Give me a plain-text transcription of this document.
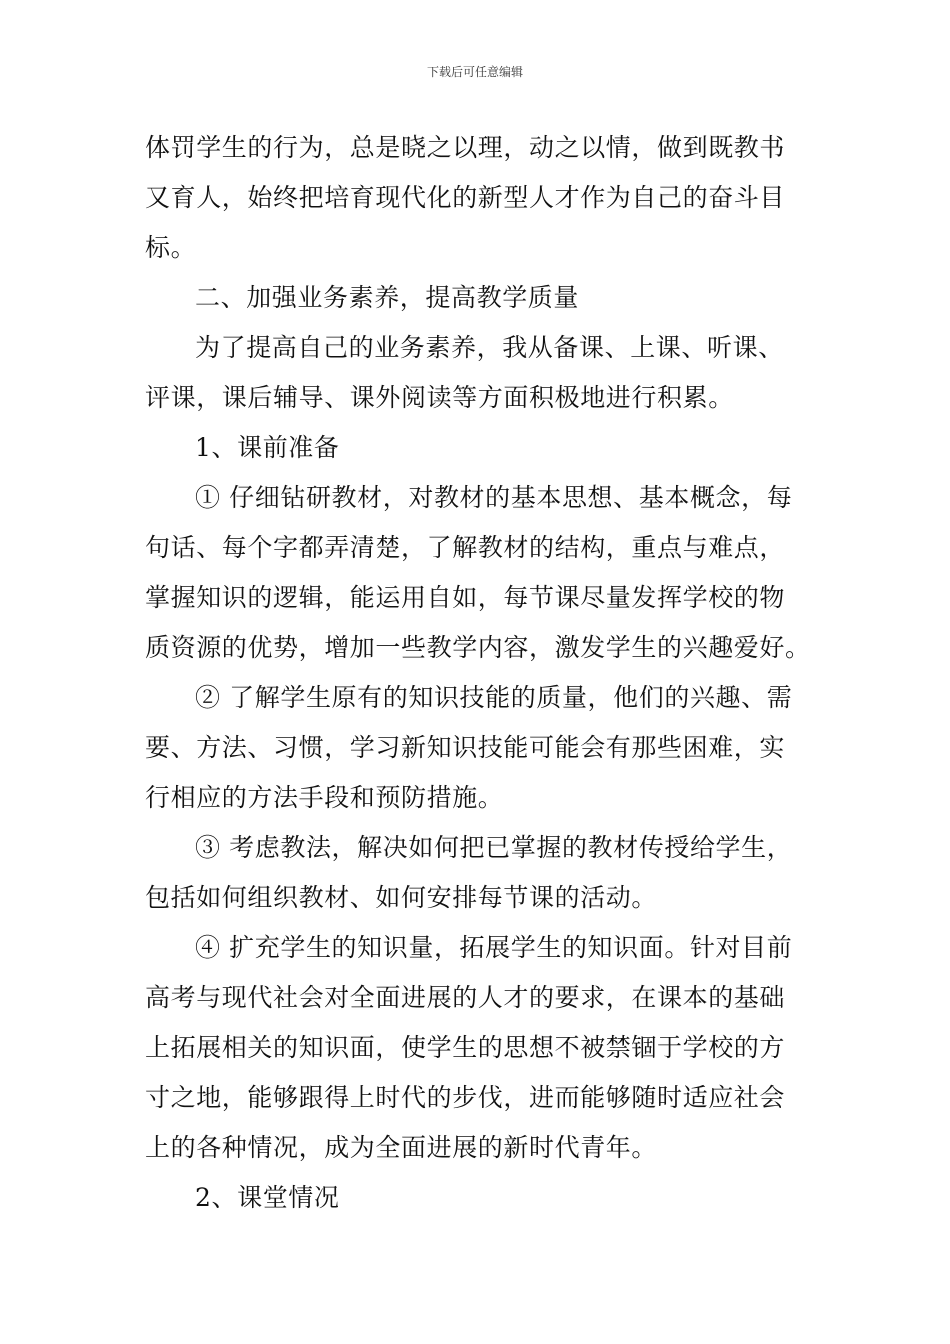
下载后可任意编辑
体罚学生的行为，总是晓之以理，动之以情，做到既教书
又育人，始终把培育现代化的新型人才作为自己的奋斗目
标。
二、加强业务素养，提高教学质量
为了提高自己的业务素养，我从备课、上课、听课、
评课，课后辅导、课外阅读等方面积极地进行积累。
1、课前准备
① 仔细钻研教材，对教材的基本思想、基本概念，每
句话、每个字都弄清楚，了解教材的结构，重点与难点，
掌握知识的逻辑，能运用自如，每节课尽量发挥学校的物
质资源的优势，增加一些教学内容，激发学生的兴趣爱好。
② 了解学生原有的知识技能的质量，他们的兴趣、需
要、方法、习惯，学习新知识技能可能会有那些困难，实
行相应的方法手段和预防措施。
③ 考虑教法，解决如何把已掌握的教材传授给学生，
包括如何组织教材、如何安排每节课的活动。
④ 扩充学生的知识量，拓展学生的知识面。针对目前
高考与现代社会对全面进展的人才的要求，在课本的基础
上拓展相关的知识面，使学生的思想不被禁锢于学校的方
寸之地，能够跟得上时代的步伐，进而能够随时适应社会
上的各种情况，成为全面进展的新时代青年。
2、课堂情况
